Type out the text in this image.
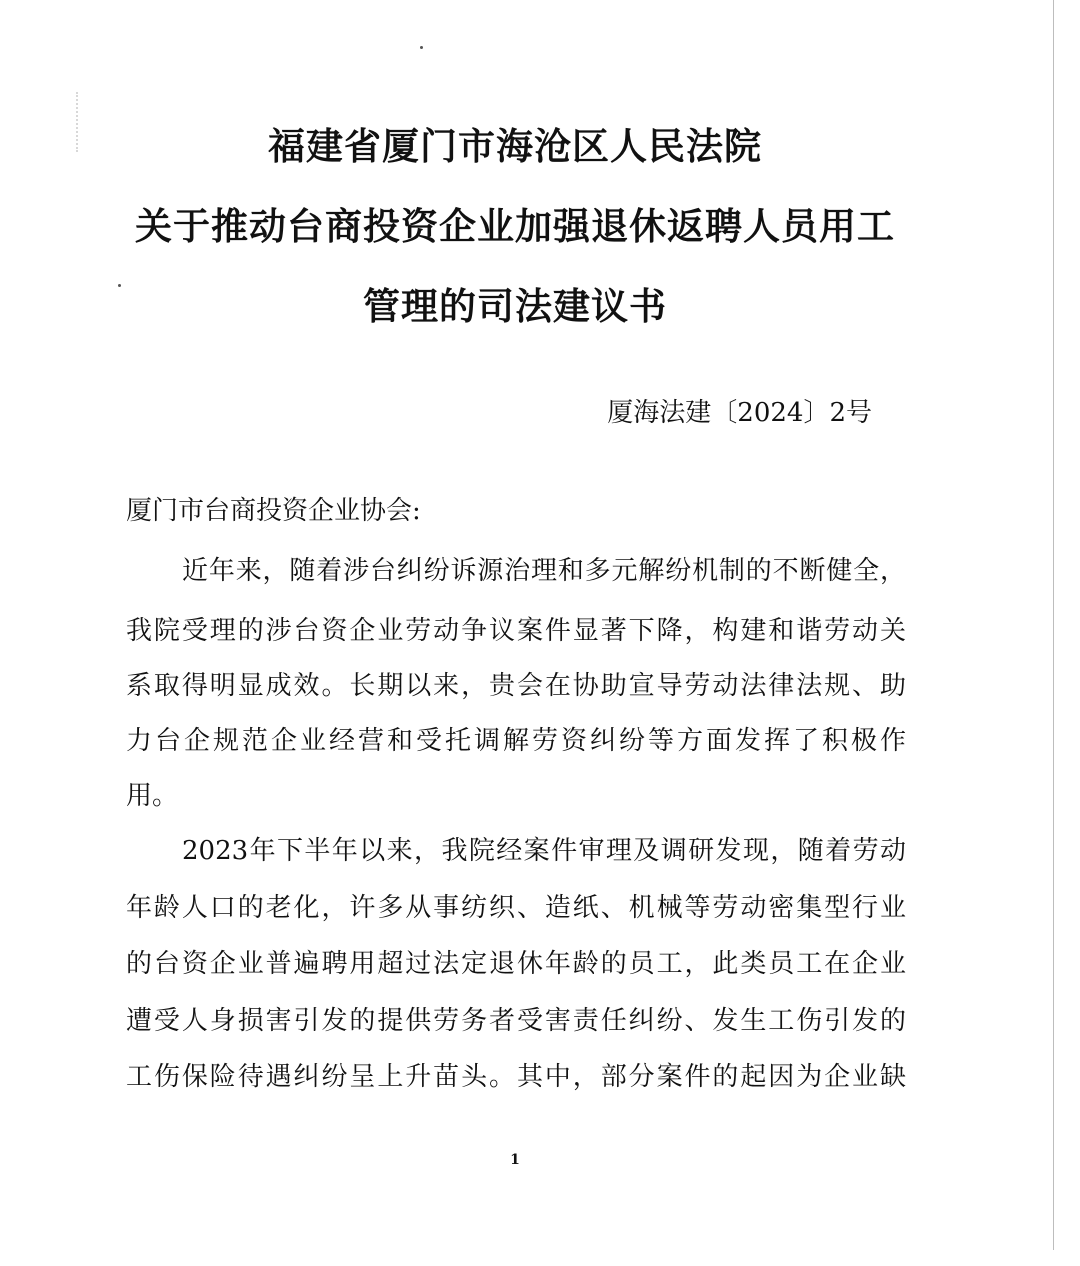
福建省厦门市海沧区人民法院
关于推动台商投资企业加强退休返聘人员用工
管理的司法建议书
厦海法建〔2024〕2号
厦门市台商投资企业协会:
近年来，随着涉台纠纷诉源治理和多元解纷机制的不断健全，
我院受理的涉台资企业劳动争议案件显著下降，构建和谐劳动关
系取得明显成效。长期以来，贵会在协助宣导劳动法律法规、助
力台企规范企业经营和受托调解劳资纠纷等方面发挥了积极作
用。
2023年下半年以来，我院经案件审理及调研发现，随着劳动
年龄人口的老化，许多从事纺织、造纸、机械等劳动密集型行业
的台资企业普遍聘用超过法定退休年龄的员工，此类员工在企业
遭受人身损害引发的提供劳务者受害责任纠纷、发生工伤引发的
工伤保险待遇纠纷呈上升苗头。其中，部分案件的起因为企业缺
1
